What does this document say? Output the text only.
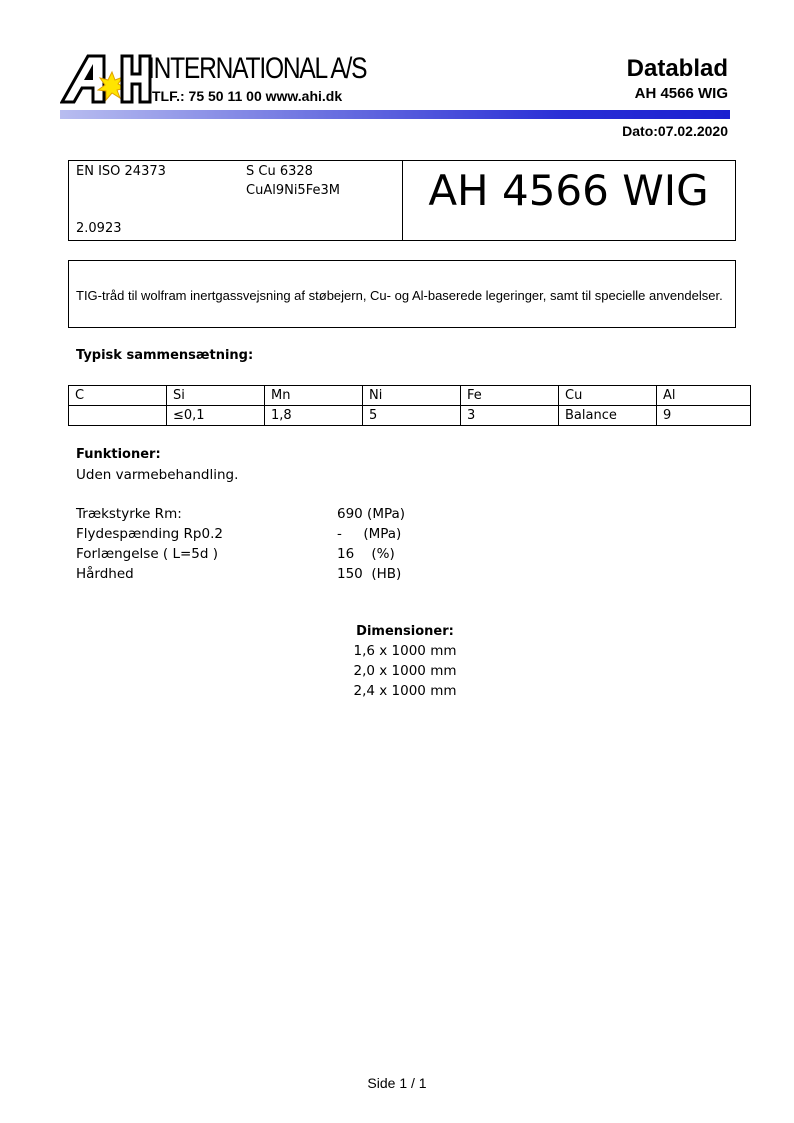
INTERNATIONAL A/S
TLF.: 75 50 11 00 www.ahi.dk
Datablad
AH 4566 WIG
Dato:07.02.2020
EN ISO 24373	S Cu 6328
CuAl9Ni5Fe3M
2.0923
AH 4566 WIG
TIG-tråd til wolfram inertgassvejsning af støbejern, Cu- og Al-baserede legeringer, samt til specielle anvendelser.
Typisk sammensætning:
C	Si	Mn	Ni	Fe	Cu	Al
	≤0,1	1,8	5	3	Balance	9
Funktioner:
Uden varmebehandling.
Trækstyrke Rm:	690 (MPa)
Flydespænding Rp0.2	-     (MPa)
Forlængelse ( L=5d )	16    (%)
Hårdhed	150  (HB)
Dimensioner:
1,6 x 1000 mm
2,0 x 1000 mm
2,4 x 1000 mm
Side 1 / 1
